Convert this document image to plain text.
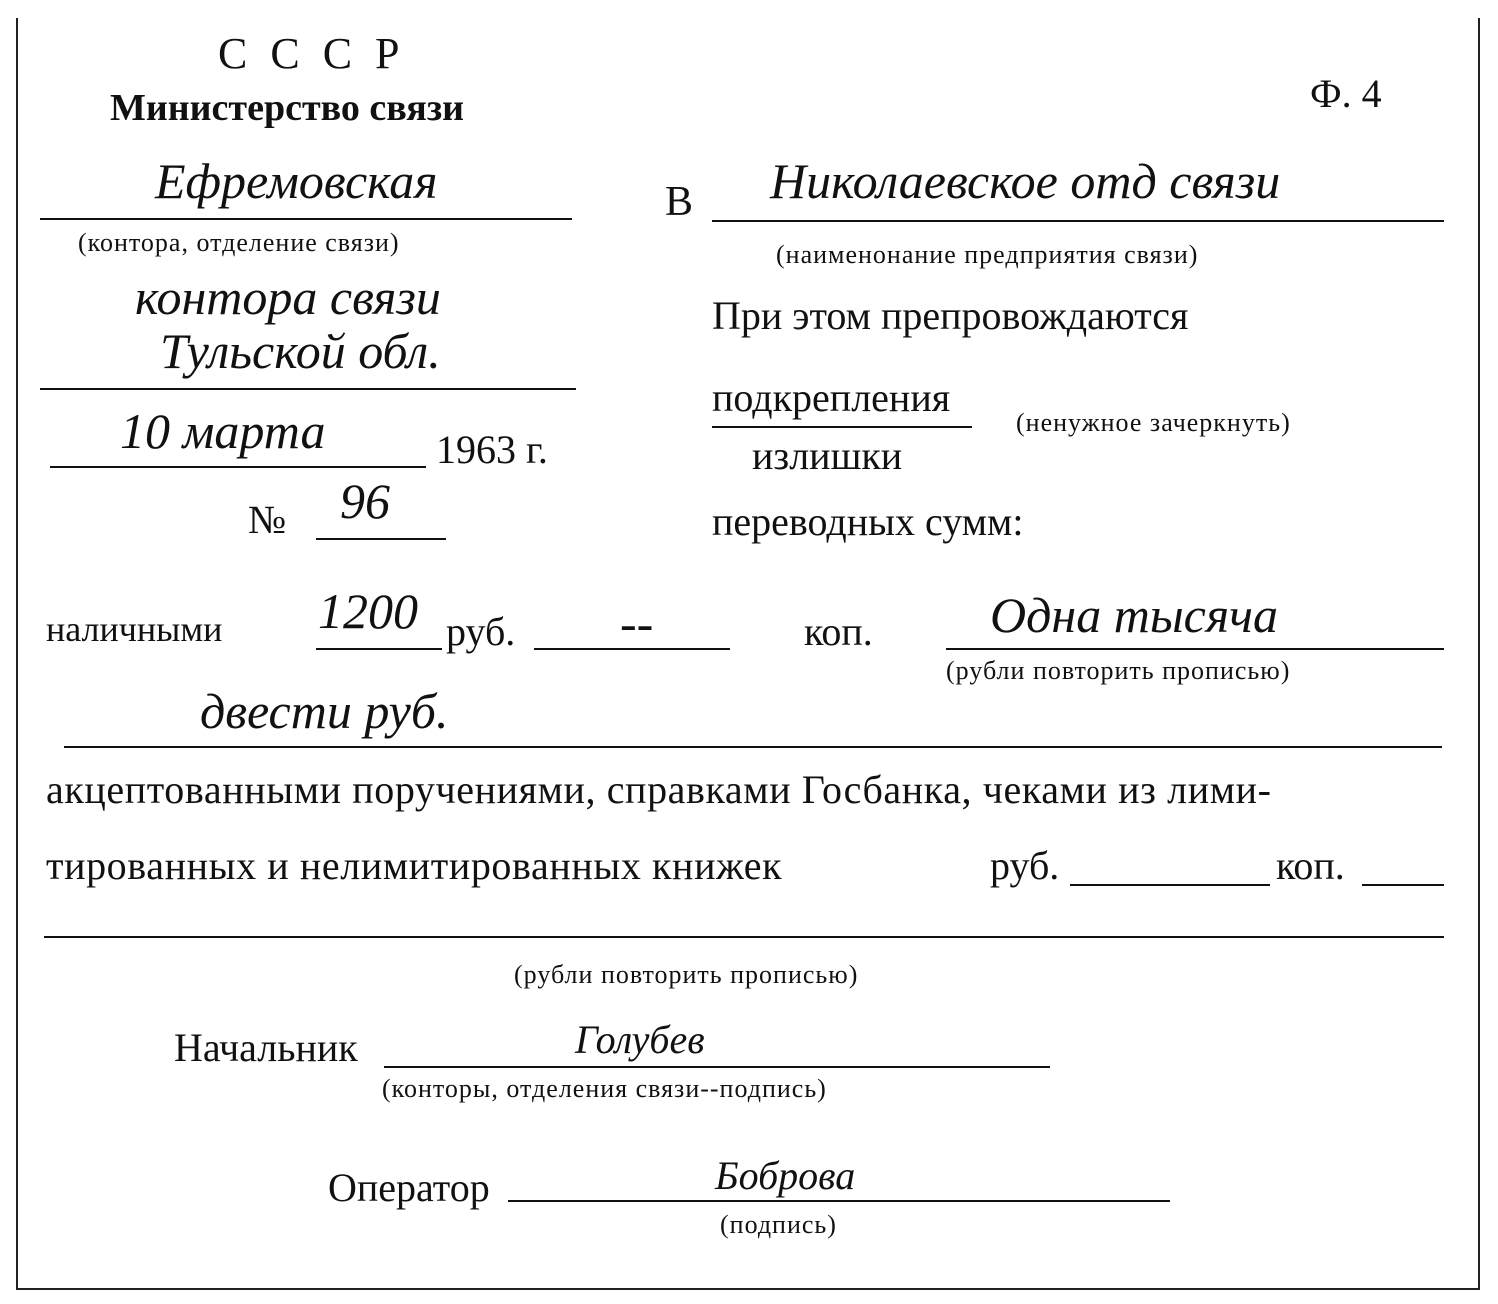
С С С Р
Министерство связи	Ф. 4
Ефремовская
(контора, отделение связи)
контора связи
Тульской обл.
10 марта	1963 г.
№ 96
В Николаевское отд связи
(наименонание предприятия связи)
При этом препровождаются
подкрепления
излишки
(ненужное зачеркнуть)
переводных сумм:
наличными 1200 руб. --	коп. Одна тысяча
(рубли повторить прописью)
двести руб.
акцептованными поручениями, справками Госбанка, чеками из лими-
тированных и нелимитированных книжек	руб.	коп.
(рубли повторить прописью)
Начальник	Голубев
(конторы, отделения связи--подпись)
Оператор	Боброва
(подпись)
